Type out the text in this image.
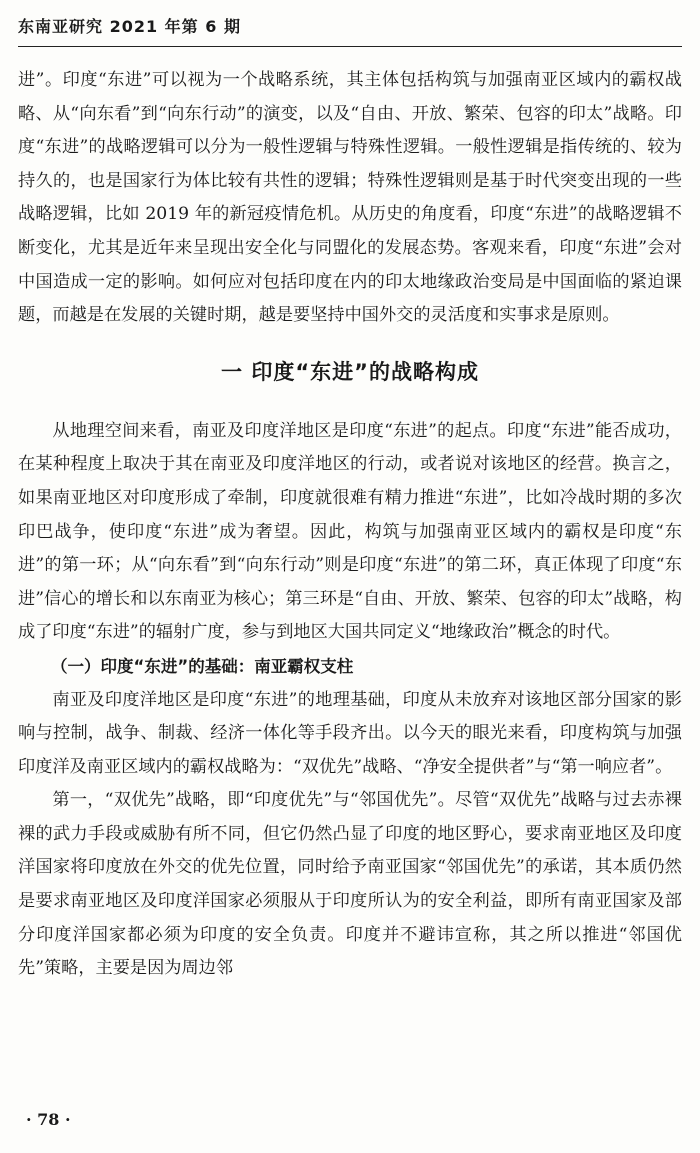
东南亚研究 2021 年第 6 期

进”。印度“东进”可以视为一个战略系统，其主体包括构筑与加强南亚区域内的霸权战略、从“向东看”到“向东行动”的演变，以及“自由、开放、繁荣、包容的印太”战略。印度“东进”的战略逻辑可以分为一般性逻辑与特殊性逻辑。一般性逻辑是指传统的、较为持久的，也是国家行为体比较有共性的逻辑；特殊性逻辑则是基于时代突变出现的一些战略逻辑，比如 2019 年的新冠疫情危机。从历史的角度看，印度“东进”的战略逻辑不断变化，尤其是近年来呈现出安全化与同盟化的发展态势。客观来看，印度“东进”会对中国造成一定的影响。如何应对包括印度在内的印太地缘政治变局是中国面临的紧迫课题，而越是在发展的关键时期，越是要坚持中国外交的灵活度和实事求是原则。

一 印度“东进”的战略构成

从地理空间来看，南亚及印度洋地区是印度“东进”的起点。印度“东进”能否成功，在某种程度上取决于其在南亚及印度洋地区的行动，或者说对该地区的经营。换言之，如果南亚地区对印度形成了牵制，印度就很难有精力推进“东进”，比如冷战时期的多次印巴战争，使印度“东进”成为奢望。因此，构筑与加强南亚区域内的霸权是印度“东进”的第一环；从“向东看”到“向东行动”则是印度“东进”的第二环，真正体现了印度“东进”信心的增长和以东南亚为核心；第三环是“自由、开放、繁荣、包容的印太”战略，构成了印度“东进”的辐射广度，参与到地区大国共同定义“地缘政治”概念的时代。

（一）印度“东进”的基础：南亚霸权支柱

南亚及印度洋地区是印度“东进”的地理基础，印度从未放弃对该地区部分国家的影响与控制，战争、制裁、经济一体化等手段齐出。以今天的眼光来看，印度构筑与加强印度洋及南亚区域内的霸权战略为：“双优先”战略、“净安全提供者”与“第一响应者”。

第一，“双优先”战略，即“印度优先”与“邻国优先”。尽管“双优先”战略与过去赤裸裸的武力手段或威胁有所不同，但它仍然凸显了印度的地区野心，要求南亚地区及印度洋国家将印度放在外交的优先位置，同时给予南亚国家“邻国优先”的承诺，其本质仍然是要求南亚地区及印度洋国家必须服从于印度所认为的安全利益，即所有南亚国家及部分印度洋国家都必须为印度的安全负责。印度并不避讳宣称，其之所以推进“邻国优先”策略，主要是因为周边邻

· 78 ·
